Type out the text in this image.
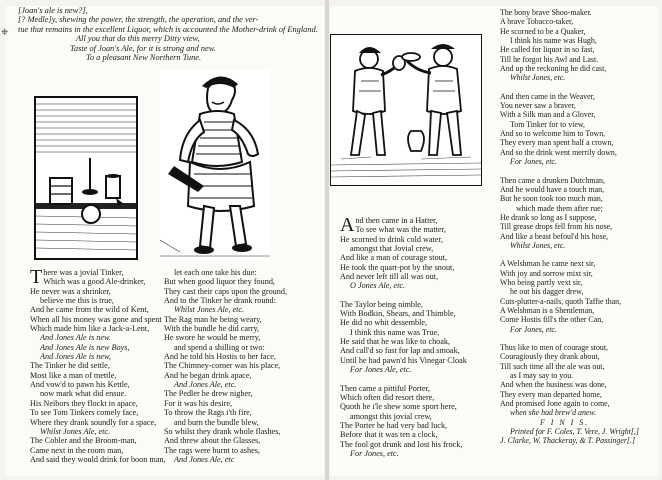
⌖
[Joan's ale is new?],
[? Medle]y, shewing the power, the strength, the operation, and the ver-
tue that remains in the excellent Liquor, which is accounted the Mother-drink of England.
All you that do this merry Ditty view,
Taste of Joan's Ale, for it is strong and new.
To a pleasant New Northern Tune.
There was a jovial Tinker,
Which was a good Ale-drinker,
He never was a shrinker,
believe me this is true,
And he came from the wild of Kent,
When all his money was gone and spent
Which made him like a Jack-a-Lent,
And Jones Ale is new.
And Jones Ale is new Boys,
And Jones Ale is new,
The Tinker he did settle,
Most like a man of mettle,
And vow'd to pawn his Kettle,
now mark what did ensue.
His Neibors they flockt in apace,
To see Tom Tinkers comely face,
Where they drank soundly for a space,
Whilst Jones Ale, etc.
The Cobler and the Broom-man,
Came next in the room man,
And said they would drink for boon man,
let each one take his due:
But when good liquor they found,
They cast their caps upon the ground,
And to the Tinker he drank round:
Whilst Jones Ale, etc.
The Rag man he being weary,
With the bundle he did carry,
He swore he would be merry,
and spend a shilling or two:
And he told his Hostis to her face,
The Chimney-corner was his place,
And he began drink apace,
And Jones Ale, etc.
The Pedler he drew nigher,
For it was his desire,
To throw the Rags i'th fire,
and burn the bundle blew,
So whilst they drank whole flashes,
And threw about the Glasses,
The rags were burnt to ashes,
And Jones Ale, etc
And then came in a Hatter,
To see what was the matter,
He scorned to drink cold water,
amongst that Jovial crew,
And like a man of courage stout,
He took the quart-pot by the snout,
And never left till all was out,
O Jones Ale, etc.
The Taylor being nimble,
With Bodkin, Shears, and Thimble,
He did no whit dessemble,
I think this name was True,
He said that he was like to choak,
And call'd so fast for lap and smoak,
Until he had pawn'd his Vinegar Cloak
For Jones Ale, etc.
Then came a pittiful Porter,
Which often did resort there,
Quoth he i'le shew some sport here,
amongst this jovial crew,
The Porter he had very bad luck,
Before that it was ten a clock,
The fool got drunk and lost his frock,
For Jones, etc.
The bony brave Shoo-maker.
A brave Tobacco-taker,
He scorned to be a Quaker,
I think his name was Hugh,
He called for liquor in so fast,
Till he forgot his Awl and Last.
And up the reckoning he did cast,
Whilst Jones, etc.
And then came in the Weaver,
You never saw a braver,
With a Silk man and a Glover,
Tom Tinker for to view,
And so to welcome him to Town,
They every man spent half a crown,
And so the drink went merrily down,
For Jones, etc.
Then came a drunken Dutchman,
And he would have a touch man,
But he soon took too much man,
which made them after rue;
He drank so long as I suppose,
Till grease drops fell from his nose,
And like a beast befoul'd his hose,
Whilst Jones, etc.
A Welshman he came next sir,
With joy and sorrow mixt sir,
Who being partly vext sir,
he out his dagger drew,
Cuts-plutter-a-nails, quoth Taffie than,
A Welshman is a Shentleman,
Come Hostis fill's the other Can,
For Jones, etc.
Thus like to men of courage stout,
Couragiously they drank about,
Till such time all the ale was out,
as I may say to you.
And when the business was done,
They every man departed home,
And promised Jone again to come,
when she had brew'd anew.
F I N I S.
Printed for F. Coles, T. Vere, J. Wright[,]
J. Clarke, W. Thackeray, & T. Passinger[.]
